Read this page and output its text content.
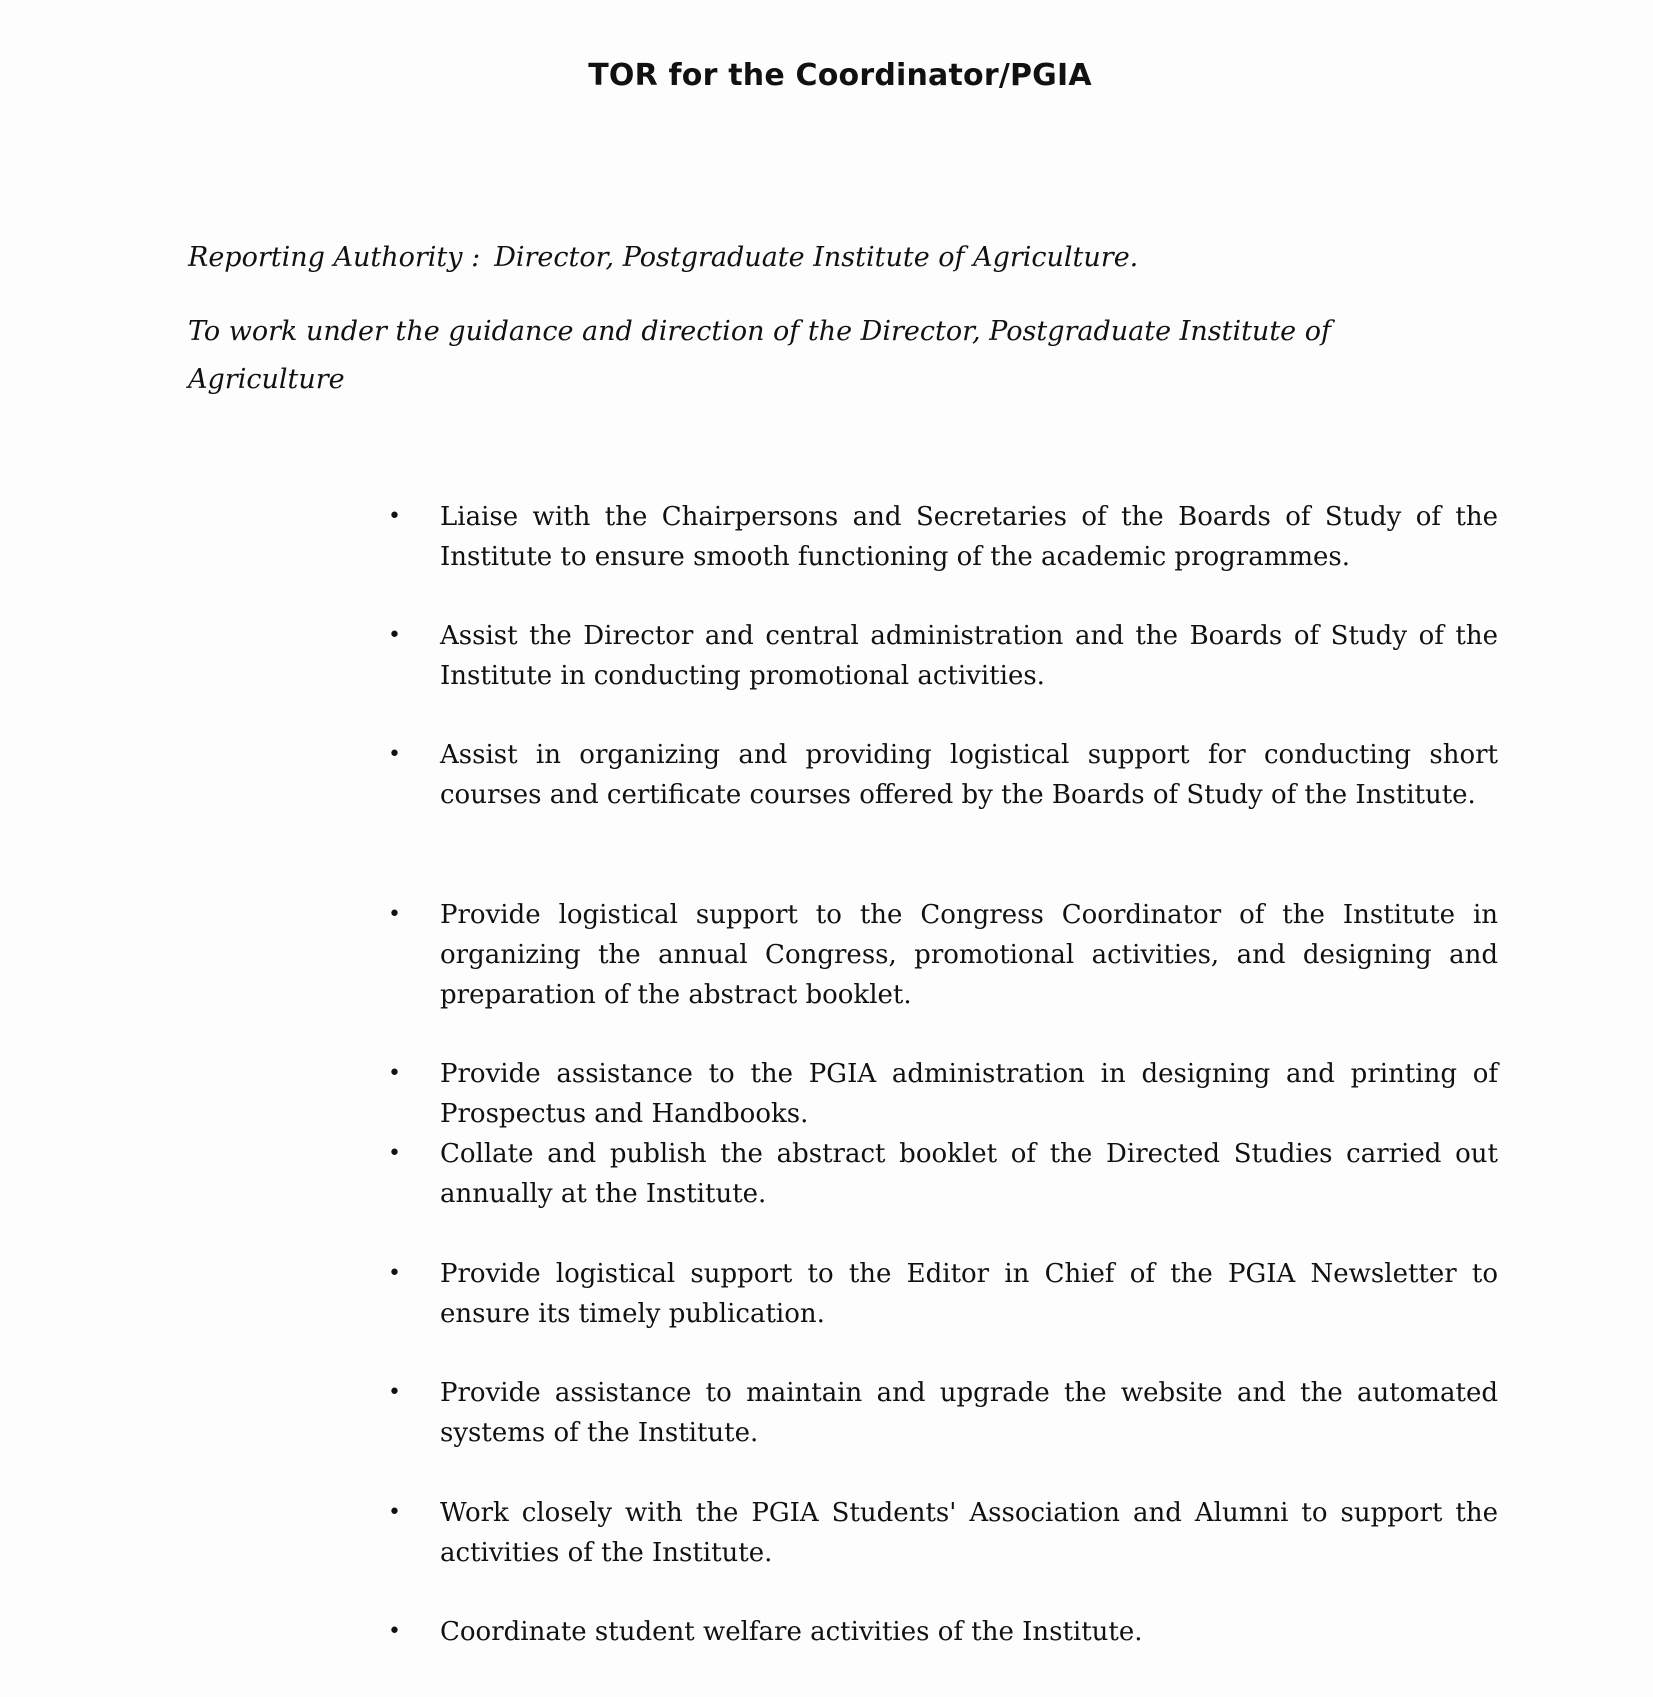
TOR for the Coordinator/PGIA
Reporting Authority : Director, Postgraduate Institute of Agriculture.
To work under the guidance and direction of the Director, Postgraduate Institute of Agriculture
• Liaise with the Chairpersons and Secretaries of the Boards of Study of the Institute to ensure smooth functioning of the academic programmes.
• Assist the Director and central administration and the Boards of Study of the Institute in conducting promotional activities.
• Assist in organizing and providing logistical support for conducting short courses and certificate courses offered by the Boards of Study of the Institute.
• Provide logistical support to the Congress Coordinator of the Institute in organizing the annual Congress, promotional activities, and designing and preparation of the abstract booklet.
• Provide assistance to the PGIA administration in designing and printing of Prospectus and Handbooks.
• Collate and publish the abstract booklet of the Directed Studies carried out annually at the Institute.
• Provide logistical support to the Editor in Chief of the PGIA Newsletter to ensure its timely publication.
• Provide assistance to maintain and upgrade the website and the automated systems of the Institute.
• Work closely with the PGIA Students' Association and Alumni to support the activities of the Institute.
• Coordinate student welfare activities of the Institute.
